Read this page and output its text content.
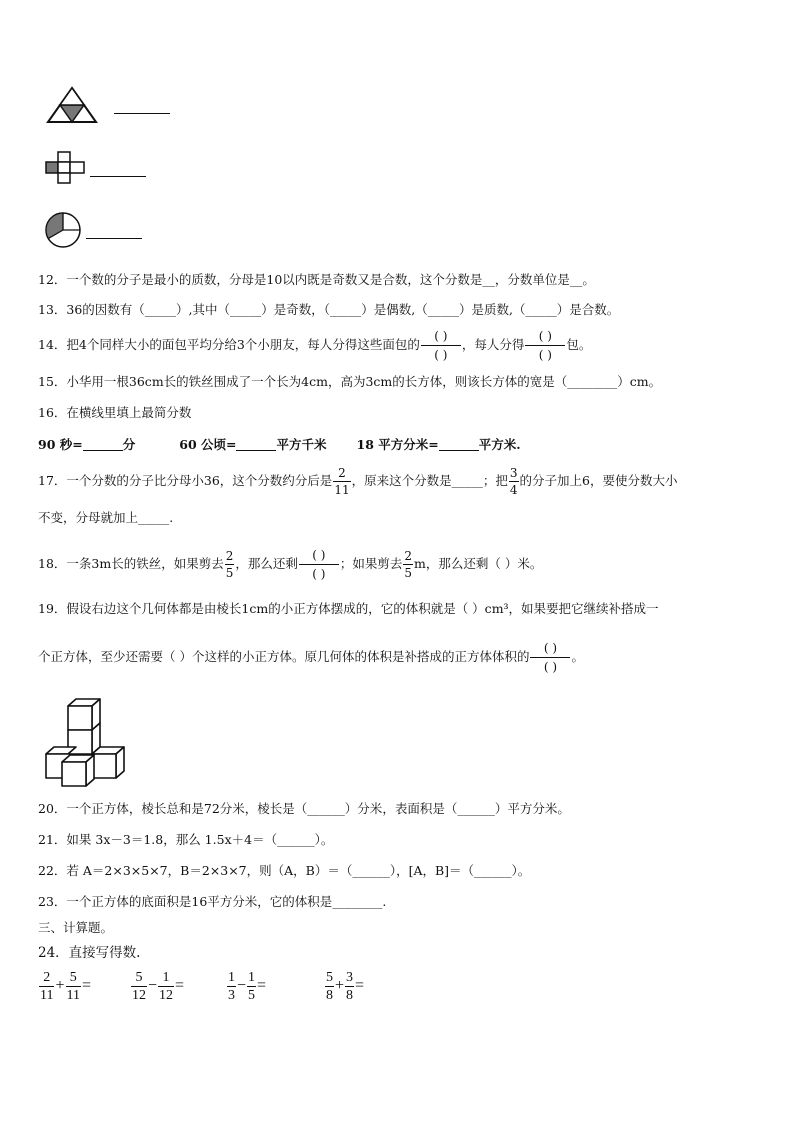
12．一个数的分子是最小的质数，分母是10以内既是奇数又是合数，这个分数是__，分数单位是__。
13．36的因数有（_____）,其中（_____）是奇数，（_____）是偶数,（_____）是质数,（_____）是合数。
14．把4个同样大小的面包平均分给3个小朋友，每人分得这些面包的 $\frac{( )}{( )}$ ，每人分得 $\frac{( )}{( )}$ 包。
15．小华用一根36cm长的铁丝围成了一个长为4cm，高为3cm的长方体，则该长方体的宽是（________）cm。
16．在横线里填上最简分数
90 秒=	分	60 公顷=	平方千米 18 平方分米=	平方米.
17．一个分数的分子比分母小36，这个分数约分后是 $\frac{2}{11}$ ，原来这个分数是_____；把 $\frac{3}{4}$ 的分子加上6，要使分数大小
不变，分母就加上_____.
18．一条3m长的铁丝，如果剪去 $\frac{2}{5}$ ，那么还剩 $\frac{( )}{( )}$ ；如果剪去 $\frac{2}{5}$ m，那么还剩（ ）米。
19．假设右边这个几何体都是由棱长1cm的小正方体摆成的，它的体积就是（ ）cm³，如果要把它继续补搭成一
个正方体，至少还需要（ ）个这样的小正方体。原几何体的体积是补搭成的正方体体积的 $\frac{( )}{( )}$ 。
20．一个正方体，棱长总和是72分米，棱长是（______）分米，表面积是（______）平方分米。
21．如果 3x－3＝1.8，那么 1.5x＋4＝（______）。
22．若 A＝2×3×5×7，B＝2×3×7，则（A，B）＝（______），[A，B]＝（______）。
23．一个正方体的底面积是16平方分米，它的体积是________.
三、计算题。
24．直接写得数.
$\frac{2}{11} + \frac{5}{11}$ =	$\frac{5}{12} - \frac{1}{12}$ =	$\frac{1}{3} - \frac{1}{5}$ =	$\frac{5}{8} + \frac{3}{8}$ =
